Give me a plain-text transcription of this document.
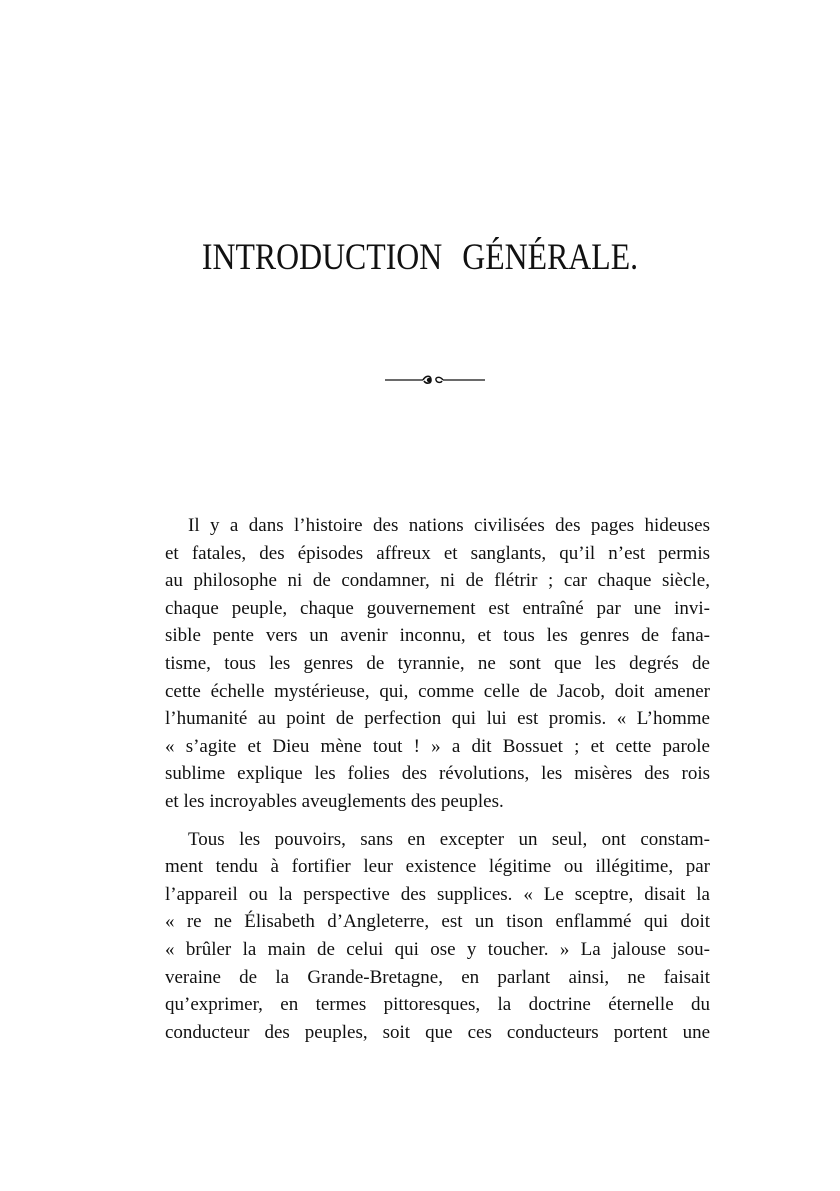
INTRODUCTION GÉNÉRALE.

Il y a dans l’histoire des nations civilisées des pages hideuses
et fatales, des épisodes affreux et sanglants, qu’il n’est permis
au philosophe ni de condamner, ni de flétrir ; car chaque siècle,
chaque peuple, chaque gouvernement est entraîné par une invi-
sible pente vers un avenir inconnu, et tous les genres de fana-
tisme, tous les genres de tyrannie, ne sont que les degrés de
cette échelle mystérieuse, qui, comme celle de Jacob, doit amener
l’humanité au point de perfection qui lui est promis. « L’homme
« s’agite et Dieu mène tout ! » a dit Bossuet ; et cette parole
sublime explique les folies des révolutions, les misères des rois
et les incroyables aveuglements des peuples.

Tous les pouvoirs, sans en excepter un seul, ont constam-
ment tendu à fortifier leur existence légitime ou illégitime, par
l’appareil ou la perspective des supplices. « Le sceptre, disait la
« re ne Élisabeth d’Angleterre, est un tison enflammé qui doit
« brûler la main de celui qui ose y toucher. » La jalouse sou-
veraine de la Grande-Bretagne, en parlant ainsi, ne faisait
qu’exprimer, en termes pittoresques, la doctrine éternelle du
conducteur des peuples, soit que ces conducteurs portent une
